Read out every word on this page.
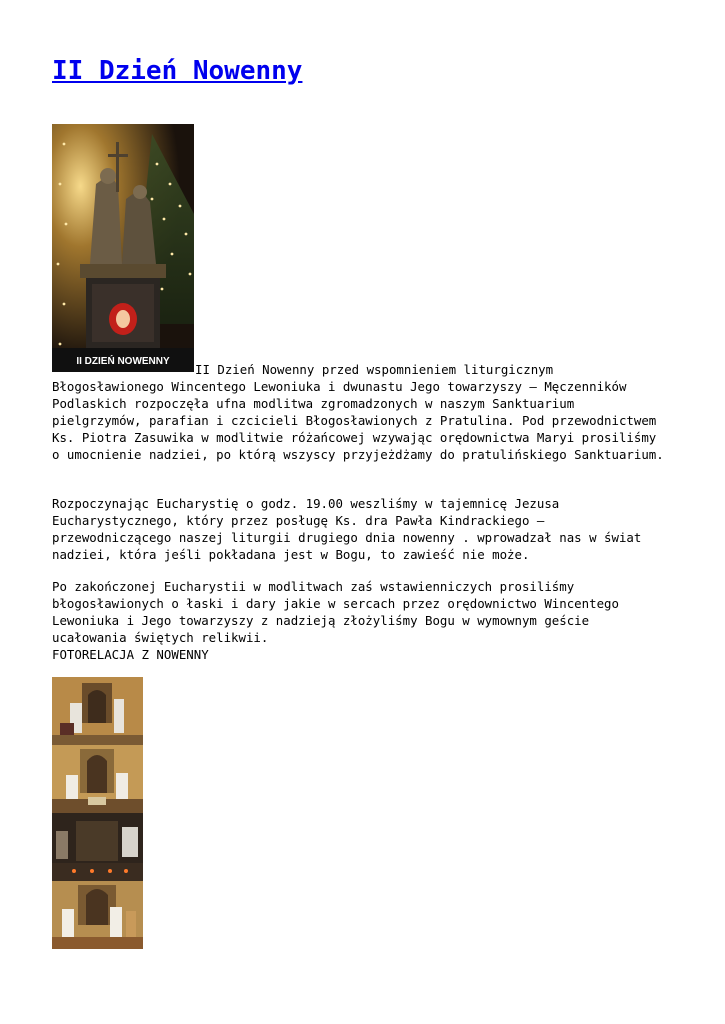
II Dzień Nowenny
II DZIEŃ NOWENNY

II Dzień Nowenny przed wspomnieniem liturgicznym Błogosławionego Wincentego Lewoniuka i dwunastu Jego towarzyszy – Męczenników Podlaskich rozpoczęła ufna modlitwa zgromadzonych w naszym Sanktuarium pielgrzymów, parafian i czcicieli Błogosławionych z Pratulina. Pod przewodnictwem Ks. Piotra Zasuwika w modlitwie różańcowej wzywając orędownictwa Maryi prosiliśmy o umocnienie nadziei, po którą wszyscy przyjeżdżamy do pratulińskiego Sanktuarium.

Rozpoczynając Eucharystię o godz. 19.00 weszliśmy w tajemnicę Jezusa Eucharystycznego, który przez posługę Ks. dra Pawła Kindrackiego – przewodniczącego naszej liturgii drugiego dnia nowenny . wprowadzał nas w świat nadziei, która jeśli pokładana jest w Bogu, to zawieść nie może.

Po zakończonej Eucharystii w modlitwach zaś wstawienniczych prosiliśmy błogosławionych o łaski i dary jakie w sercach przez orędownictwo Wincentego Lewoniuka i Jego towarzyszy z nadzieją złożyliśmy Bogu w wymownym geście ucałowania świętych relikwii.

FOTORELACJA Z NOWENNY
